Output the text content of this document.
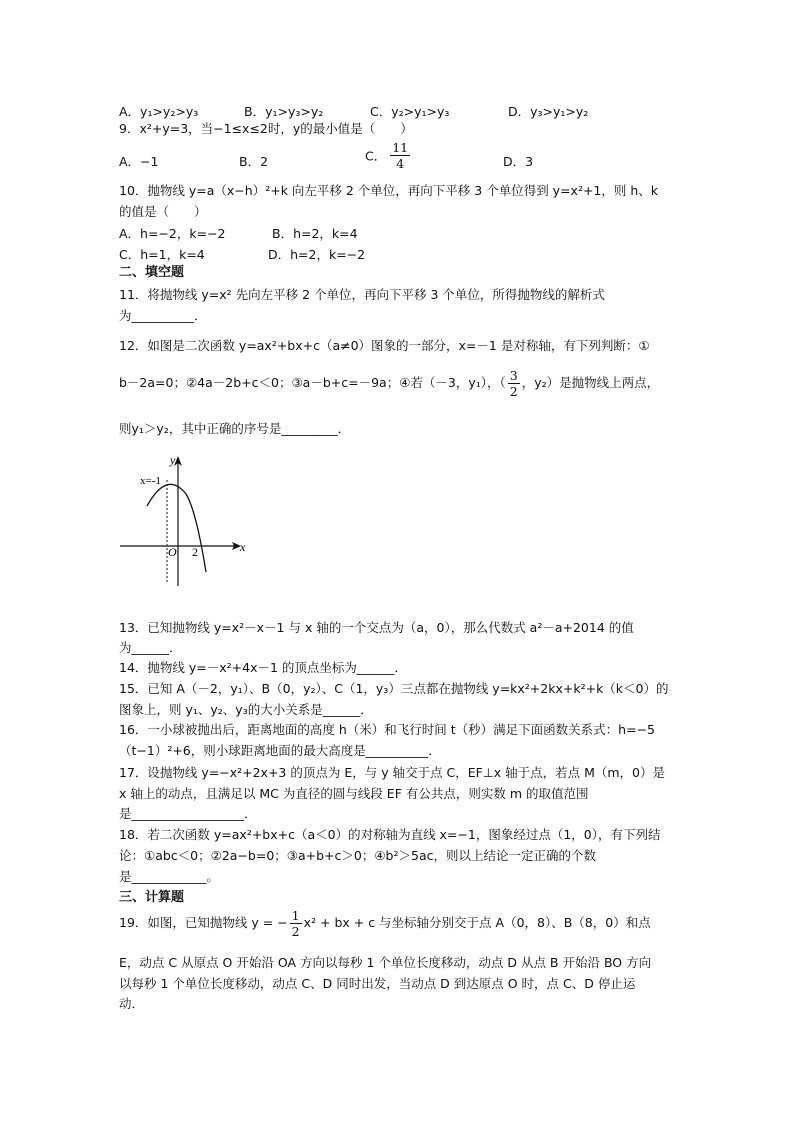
A．y₁>y₂>y₃	B．y₁>y₃>y₂	C．y₂>y₁>y₃	D．y₃>y₁>y₂
9．x²+y=3，当−1≤x≤2时，y的最小值是（　　）
A．−1	B．2	C． $\frac{11}{4}$	D．3
10．抛物线 y=a（x−h）²+k 向左平移 2 个单位，再向下平移 3 个单位得到 y=x²+1，则 h、k
的值是（　　）
A．h=−2，k=−2	B．h=2，k=4
C．h=1，k=4	D．h=2，k=−2
二、填空题
11．将抛物线 y=x² 先向左平移 2 个单位，再向下平移 3 个单位，所得抛物线的解析式
为__________．
12．如图是二次函数 y=ax²+bx+c（a≠0）图象的一部分，x=－1 是对称轴，有下列判断：①
b－2a=0；②4a－2b+c＜0；③a－b+c=－9a；④若（－3，y₁），（ $\frac{3}{2}$ ，y₂）是抛物线上两点，
则y₁＞y₂，其中正确的序号是_________．
x=-1
y
x
O 2
13．已知抛物线 y=x²－x－1 与 x 轴的一个交点为（a，0），那么代数式 a²－a+2014 的值
为______．
14．抛物线 y=－x²+4x－1 的顶点坐标为______．
15．已知 A（－2，y₁）、B（0，y₂）、C（1，y₃）三点都在抛物线 y=kx²+2kx+k²+k（k＜0）的
图象上，则 y₁、y₂、y₃的大小关系是______．
16．一小球被抛出后，距离地面的高度 h（米）和飞行时间 t（秒）满足下面函数关系式：h=−5
（t−1）²+6，则小球距离地面的最大高度是__________．
17．设抛物线 y=−x²+2x+3 的顶点为 E，与 y 轴交于点 C，EF⊥x 轴于点，若点 M（m，0）是
x 轴上的动点，且满足以 MC 为直径的圆与线段 EF 有公共点，则实数 m 的取值范围
是__________________．
18．若二次函数 y=ax²+bx+c（a＜0）的对称轴为直线 x=−1，图象经过点（1，0），有下列结
论：①abc＜0；②2a−b=0；③a+b+c＞0；④b²＞5ac，则以上结论一定正确的个数
是____________。
三、计算题
19．如图，已知抛物线 y = − $\frac{1}{2} x^2$ + bx + c 与坐标轴分别交于点 A（0，8）、B（8，0）和点
E，动点 C 从原点 O 开始沿 OA 方向以每秒 1 个单位长度移动，动点 D 从点 B 开始沿 BO 方向
以每秒 1 个单位长度移动，动点 C、D 同时出发，当动点 D 到达原点 O 时，点 C、D 停止运
动．
